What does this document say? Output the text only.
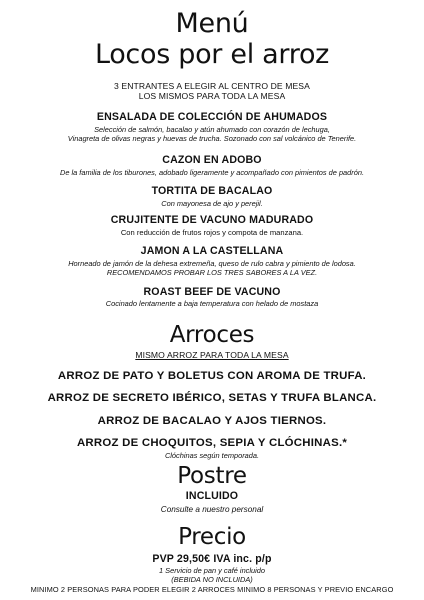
Menú
Locos por el arroz
3 ENTRANTES A ELEGIR AL CENTRO DE MESA
LOS MISMOS PARA TODA LA MESA
ENSALADA DE COLECCIÓN DE AHUMADOS
Selección de salmón, bacalao y atún ahumado con corazón de lechuga,
Vinagreta de olivas negras y huevas de trucha. Sozonado con sal volcánico de Tenerife.
CAZON EN ADOBO
De la familia de los tiburones, adobado ligeramente y acompañado con pimientos de padrón.
TORTITA DE BACALAO
Con mayonesa de ajo y perejil.
CRUJITENTE DE VACUNO MADURADO
Con reducción de frutos rojos y compota de manzana.
JAMON A LA CASTELLANA
Horneado de jamón de la dehesa extremeña, queso de rulo cabra y pimiento de lodosa.
RECOMENDAMOS PROBAR LOS TRES SABORES A LA VEZ.
ROAST BEEF DE VACUNO
Cocinado lentamente a baja temperatura con helado de mostaza
Arroces
MISMO ARROZ PARA TODA LA MESA
ARROZ DE PATO Y BOLETUS CON AROMA DE TRUFA.
ARROZ DE SECRETO IBÉRICO, SETAS Y TRUFA BLANCA.
ARROZ DE BACALAO Y AJOS TIERNOS.
ARROZ DE CHOQUITOS, SEPIA Y CLÓCHINAS.*
Clóchinas según temporada.
Postre
INCLUIDO
Consulte a nuestro personal
Precio
PVP 29,50€ IVA inc. p/p
1 Servicio de pan y café incluido
(BEBIDA NO INCLUIDA)
MINIMO 2 PERSONAS PARA PODER ELEGIR 2 ARROCES MINIMO 8 PERSONAS Y PREVIO ENCARGO
